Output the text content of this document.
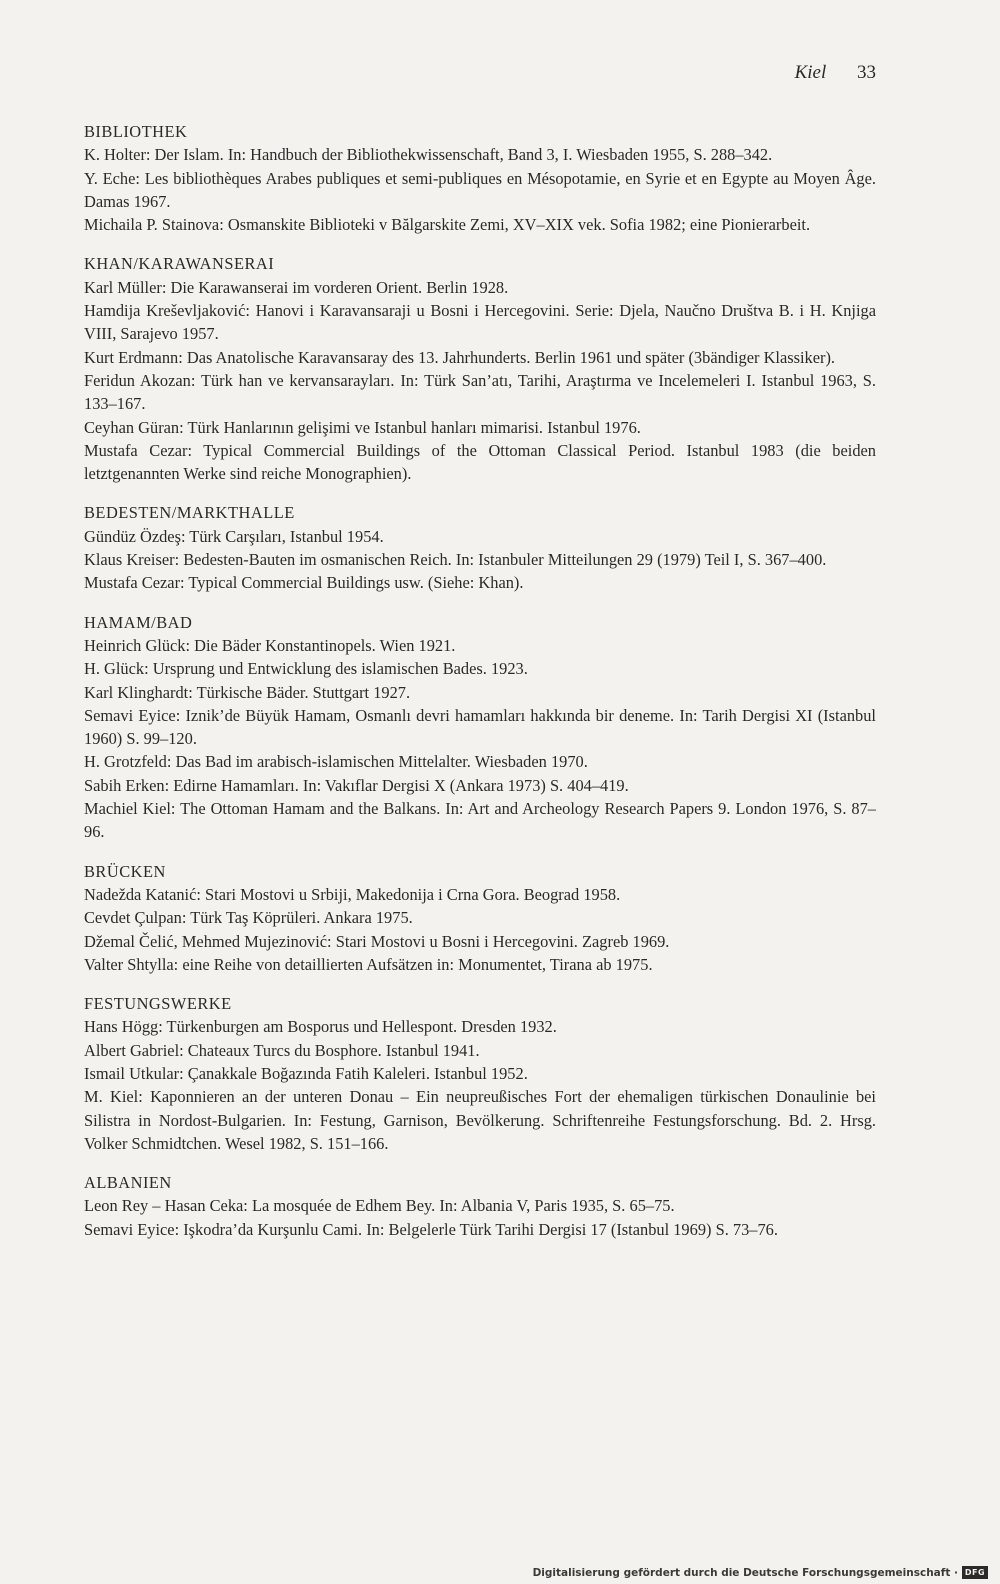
Kiel 33
BIBLIOTHEK
K. Holter: Der Islam. In: Handbuch der Bibliothekwissenschaft, Band 3, I. Wiesbaden 1955, S. 288–342.
Y. Eche: Les bibliothèques Arabes publiques et semi-publiques en Mésopotamie, en Syrie et en Egypte au Moyen Âge. Damas 1967.
Michaila P. Stainova: Osmanskite Biblioteki v Bălgarskite Zemi, XV–XIX vek. Sofia 1982; eine Pionierarbeit.
KHAN/KARAWANSERAI
Karl Müller: Die Karawanserai im vorderen Orient. Berlin 1928.
Hamdija Kreševljaković: Hanovi i Karavansaraji u Bosni i Hercegovini. Serie: Djela, Naučno Društva B. i H. Knjiga VIII, Sarajevo 1957.
Kurt Erdmann: Das Anatolische Karavansaray des 13. Jahrhunderts. Berlin 1961 und später (3bändiger Klassiker).
Feridun Akozan: Türk han ve kervansarayları. In: Türk San’atı, Tarihi, Araştırma ve Incelemeleri I. Istanbul 1963, S. 133–167.
Ceyhan Güran: Türk Hanlarının gelişimi ve Istanbul hanları mimarisi. Istanbul 1976.
Mustafa Cezar: Typical Commercial Buildings of the Ottoman Classical Period. Istanbul 1983 (die beiden letztgenannten Werke sind reiche Monographien).
BEDESTEN/MARKTHALLE
Gündüz Özdeş: Türk Carşıları, Istanbul 1954.
Klaus Kreiser: Bedesten-Bauten im osmanischen Reich. In: Istanbuler Mitteilungen 29 (1979) Teil I, S. 367–400.
Mustafa Cezar: Typical Commercial Buildings usw. (Siehe: Khan).
HAMAM/BAD
Heinrich Glück: Die Bäder Konstantinopels. Wien 1921.
H. Glück: Ursprung und Entwicklung des islamischen Bades. 1923.
Karl Klinghardt: Türkische Bäder. Stuttgart 1927.
Semavi Eyice: Iznik’de Büyük Hamam, Osmanlı devri hamamları hakkında bir deneme. In: Tarih Dergisi XI (Istanbul 1960) S. 99–120.
H. Grotzfeld: Das Bad im arabisch-islamischen Mittelalter. Wiesbaden 1970.
Sabih Erken: Edirne Hamamları. In: Vakıflar Dergisi X (Ankara 1973) S. 404–419.
Machiel Kiel: The Ottoman Hamam and the Balkans. In: Art and Archeology Research Papers 9. London 1976, S. 87–96.
BRÜCKEN
Nadežda Katanić: Stari Mostovi u Srbiji, Makedonija i Crna Gora. Beograd 1958.
Cevdet Çulpan: Türk Taş Köprüleri. Ankara 1975.
Džemal Čelić, Mehmed Mujezinović: Stari Mostovi u Bosni i Hercegovini. Zagreb 1969.
Valter Shtylla: eine Reihe von detaillierten Aufsätzen in: Monumentet, Tirana ab 1975.
FESTUNGSWERKE
Hans Högg: Türkenburgen am Bosporus und Hellespont. Dresden 1932.
Albert Gabriel: Chateaux Turcs du Bosphore. Istanbul 1941.
Ismail Utkular: Çanakkale Boğazında Fatih Kaleleri. Istanbul 1952.
M. Kiel: Kaponnieren an der unteren Donau – Ein neupreußisches Fort der ehemaligen türkischen Donaulinie bei Silistra in Nordost-Bulgarien. In: Festung, Garnison, Bevölkerung. Schriftenreihe Festungsforschung. Bd. 2. Hrsg. Volker Schmidtchen. Wesel 1982, S. 151–166.
ALBANIEN
Leon Rey – Hasan Ceka: La mosquée de Edhem Bey. In: Albania V, Paris 1935, S. 65–75.
Semavi Eyice: Işkodra’da Kurşunlu Cami. In: Belgelerle Türk Tarihi Dergisi 17 (Istanbul 1969) S. 73–76.
Digitalisierung gefördert durch die Deutsche Forschungsgemeinschaft · DFG
